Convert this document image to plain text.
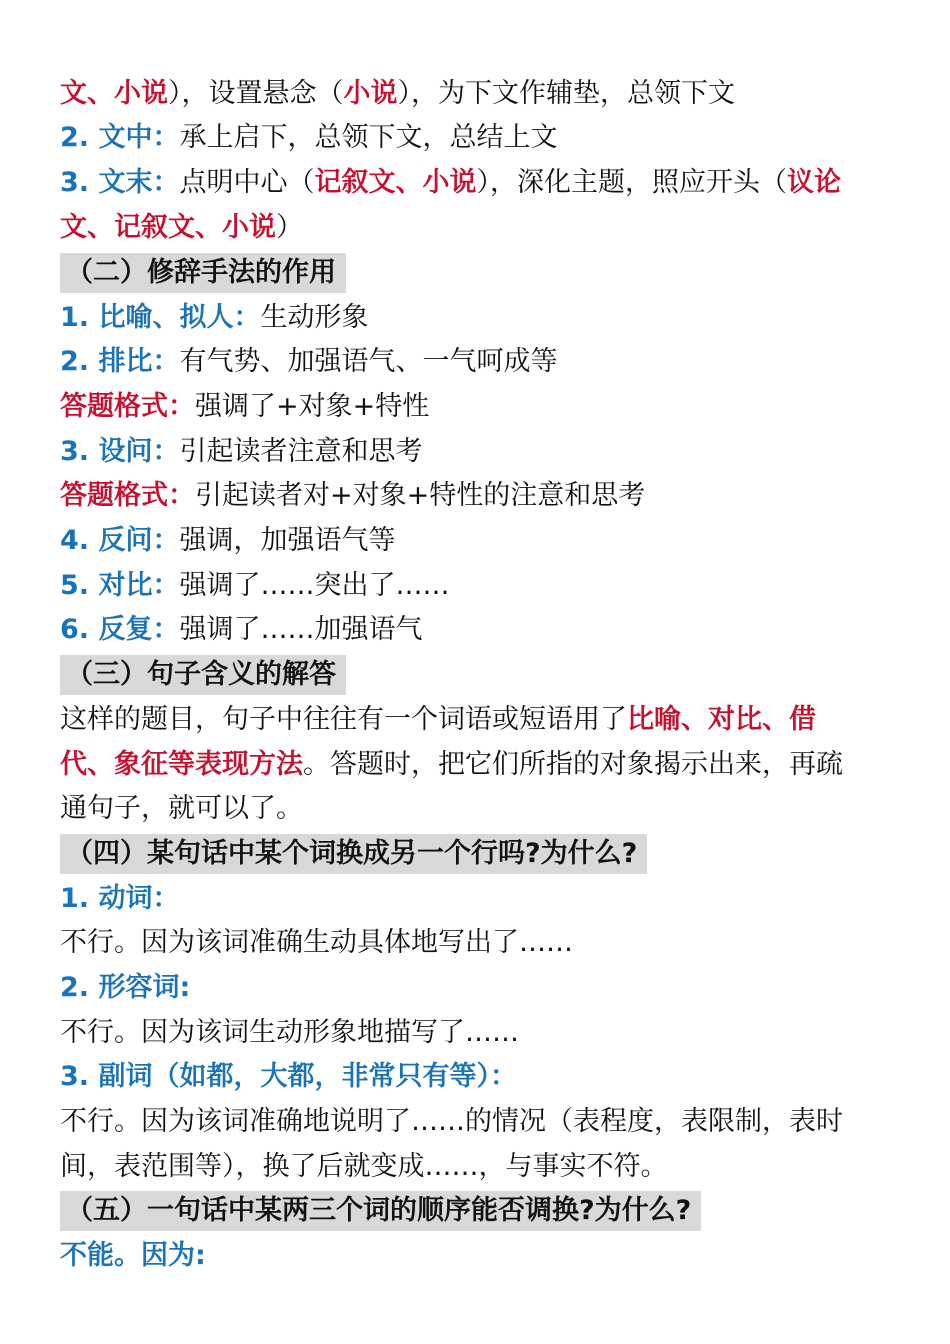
文、小说），设置悬念（小说），为下文作辅垫，总领下文
2. 文中：承上启下，总领下文，总结上文
3. 文末：点明中心（记叙文、小说），深化主题，照应开头（议论
文、记叙文、小说）
（二）修辞手法的作用
1. 比喻、拟人：生动形象
2. 排比：有气势、加强语气、一气呵成等
答题格式：强调了+对象+特性
3. 设问：引起读者注意和思考
答题格式：引起读者对+对象+特性的注意和思考
4. 反问：强调，加强语气等
5. 对比：强调了……突出了……
6. 反复：强调了……加强语气
（三）句子含义的解答
这样的题目，句子中往往有一个词语或短语用了比喻、对比、借
代、象征等表现方法。答题时，把它们所指的对象揭示出来，再疏
通句子，就可以了。
（四）某句话中某个词换成另一个行吗?为什么?
1. 动词：
不行。因为该词准确生动具体地写出了……
2. 形容词:
不行。因为该词生动形象地描写了……
3. 副词（如都，大都，非常只有等）：
不行。因为该词准确地说明了……的情况（表程度，表限制，表时
间，表范围等），换了后就变成……，与事实不符。
（五）一句话中某两三个词的顺序能否调换?为什么?
不能。因为:
